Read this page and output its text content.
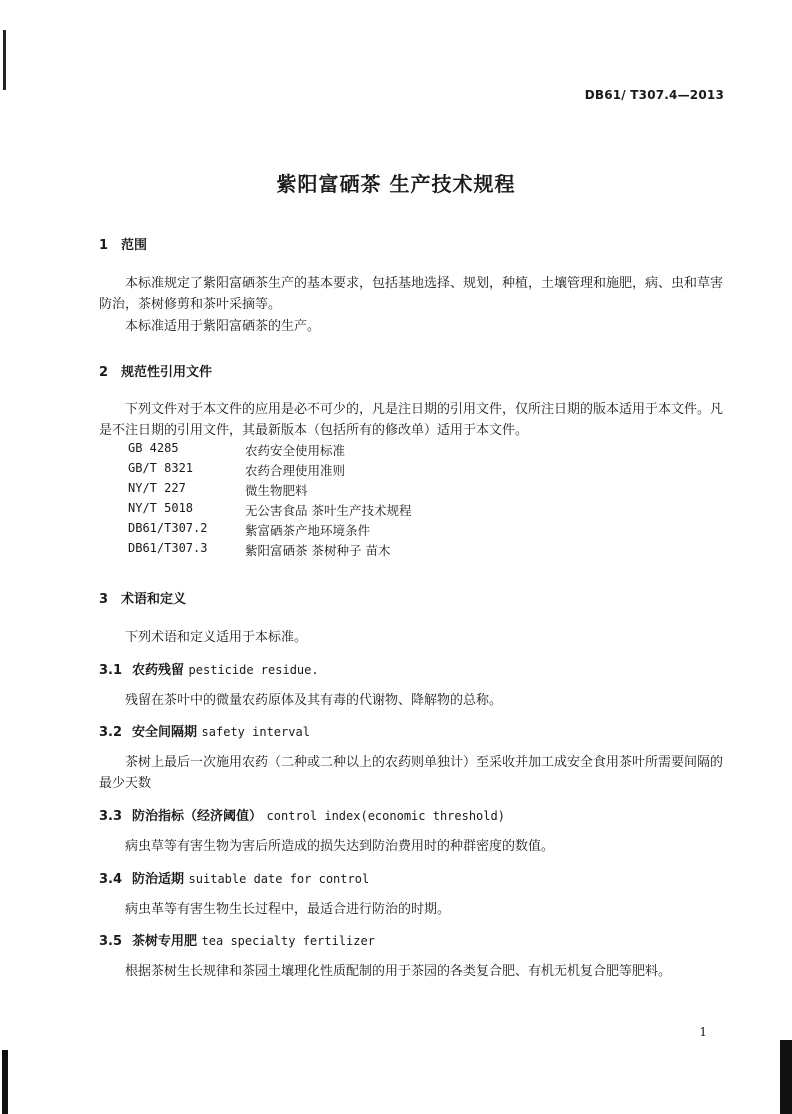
DB61/ T307.4—2013
紫阳富硒茶 生产技术规程
1 范围
本标准规定了紫阳富硒茶生产的基本要求，包括基地选择、规划，种植，土壤管理和施肥，病、虫和草害防治，茶树修剪和茶叶采摘等。
本标准适用于紫阳富硒茶的生产。
2 规范性引用文件
下列文件对于本文件的应用是必不可少的，凡是注日期的引用文件，仅所注日期的版本适用于本文件。凡是不注日期的引用文件，其最新版本（包括所有的修改单）适用于本文件。
GB 4285	农药安全使用标准
GB/T 8321	农药合理使用准则
NY/T 227	微生物肥料
NY/T 5018	无公害食品 茶叶生产技术规程
DB61/T307.2	紫富硒茶产地环境条件
DB61/T307.3	紫阳富硒茶 茶树种子 苗木
3 术语和定义
下列术语和定义适用于本标准。
3.1 农药残留 pesticide residue.
残留在茶叶中的微量农药原体及其有毒的代谢物、降解物的总称。
3.2 安全间隔期 safety interval
茶树上最后一次施用农药（二种或二种以上的农药则单独计）至采收并加工成安全食用茶叶所需要间隔的最少天数
3.3 防治指标（经济阈值） control index(economic threshold)
病虫草等有害生物为害后所造成的损失达到防治费用时的种群密度的数值。
3.4 防治适期 suitable date for control
病虫革等有害生物生长过程中，最适合进行防治的时期。
3.5 茶树专用肥 tea specialty fertilizer
根据茶树生长规律和茶园土壤理化性质配制的用于茶园的各类复合肥、有机无机复合肥等肥料。
1
